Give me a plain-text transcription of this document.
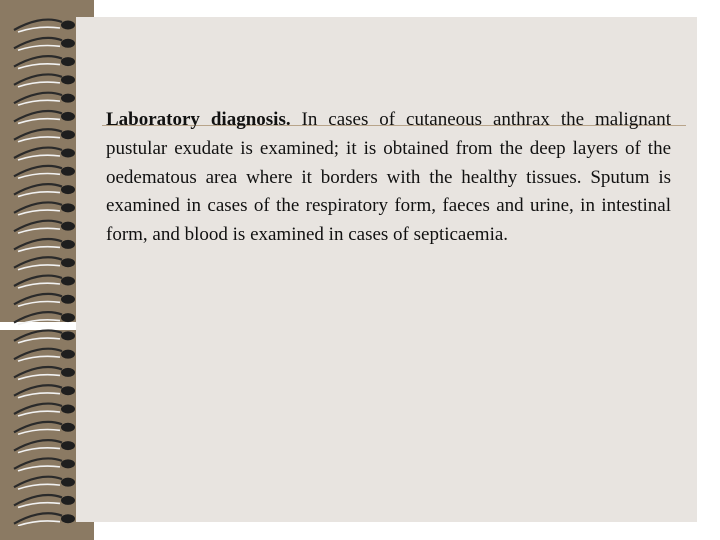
Laboratory diagnosis. In cases of cutaneous anthrax the malignant pustular exudate is examined; it is obtained from the deep layers of the oedematous area where it borders with the healthy tissues. Sputum is examined in cases of the respiratory form, faeces and urine, in intestinal form, and blood is examined in cases of septicaemia.
